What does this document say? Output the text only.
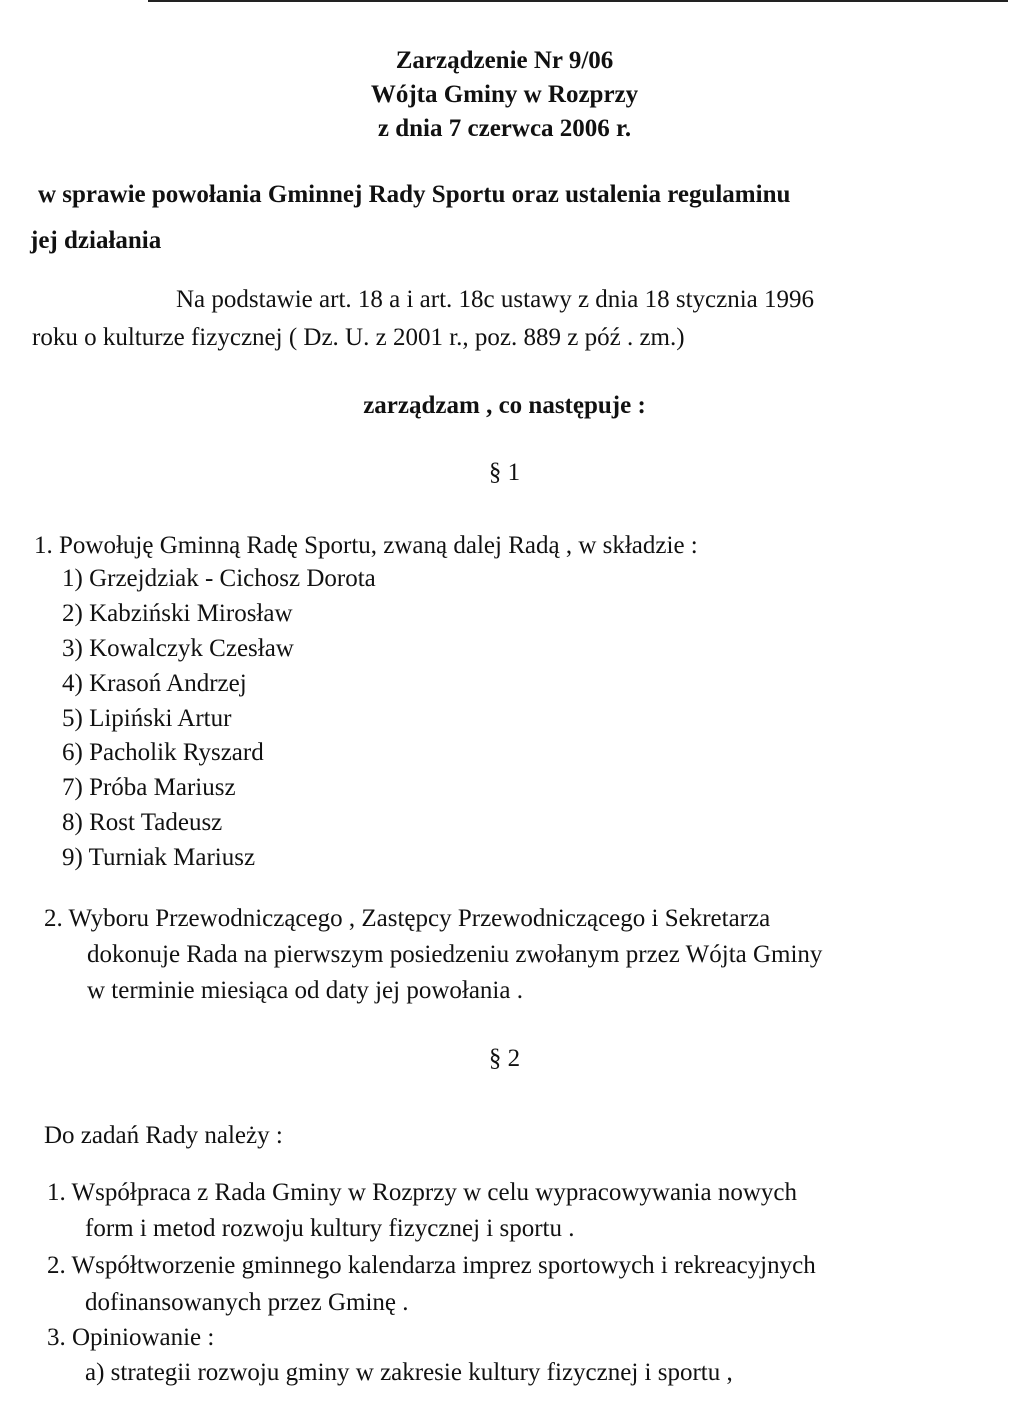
Zarządzenie Nr 9/06
Wójta Gminy w Rozprzy
z dnia 7 czerwca 2006 r.
w sprawie powołania Gminnej Rady Sportu oraz ustalenia regulaminu
jej działania
Na podstawie art. 18 a i art. 18c ustawy z dnia 18 stycznia 1996
roku o kulturze fizycznej ( Dz. U. z 2001 r., poz. 889 z póź . zm.)
zarządzam , co następuje :
§ 1
1. Powołuję Gminną Radę Sportu, zwaną dalej Radą , w składzie :
1) Grzejdziak - Cichosz Dorota
2) Kabziński Mirosław
3) Kowalczyk Czesław
4) Krasoń Andrzej
5) Lipiński Artur
6) Pacholik Ryszard
7) Próba Mariusz
8) Rost Tadeusz
9) Turniak Mariusz
2. Wyboru Przewodniczącego , Zastępcy Przewodniczącego i Sekretarza
dokonuje Rada na pierwszym posiedzeniu zwołanym przez Wójta Gminy
w terminie miesiąca od daty jej powołania .
§ 2
Do zadań Rady należy :
1. Współpraca z Rada Gminy w Rozprzy w celu wypracowywania nowych
form i metod rozwoju kultury fizycznej i sportu .
2. Współtworzenie gminnego kalendarza imprez sportowych i rekreacyjnych
dofinansowanych przez Gminę .
3. Opiniowanie :
a) strategii rozwoju gminy w zakresie kultury fizycznej i sportu ,
